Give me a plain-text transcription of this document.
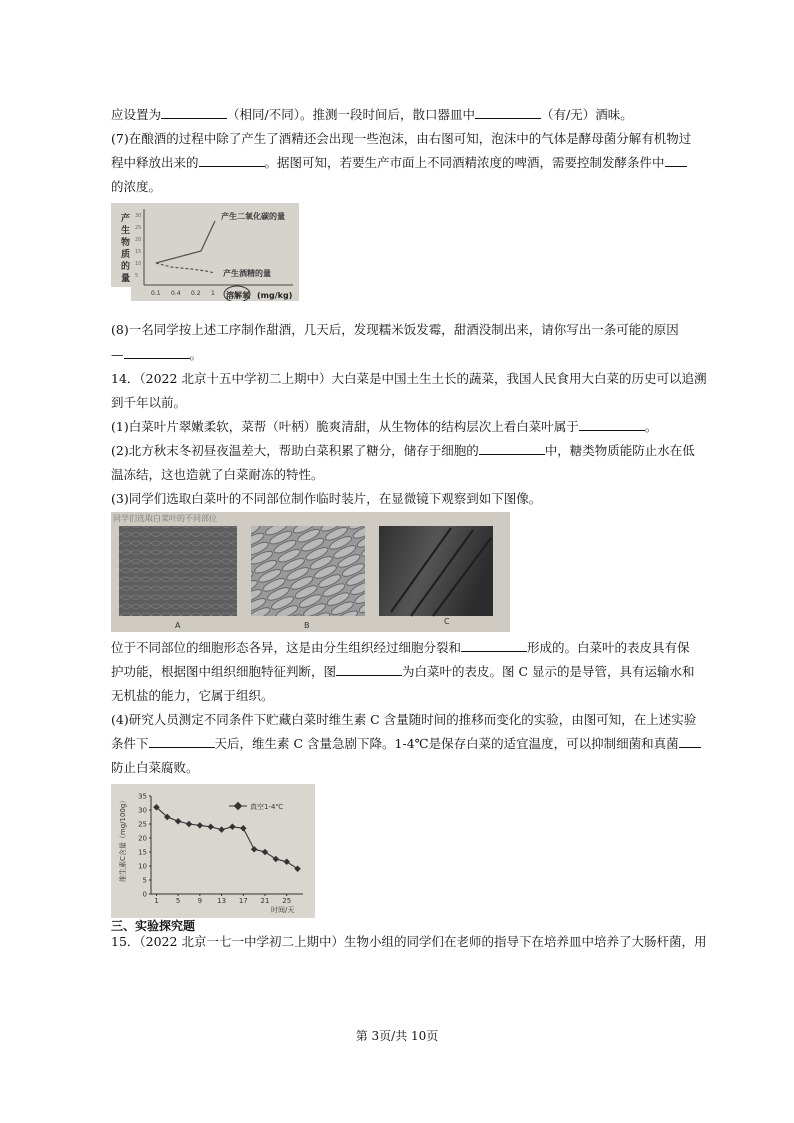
应设置为	（相同/不同）。推测一段时间后，散口器皿中	（有/无）酒味。
(7)在酿酒的过程中除了产生了酒精还会出现一些泡沫，由右图可知，泡沫中的气体是酵母菌分解有机物过
程中释放出来的	。据图可知，若要生产市面上不同酒精浓度的啤酒，需要控制发酵条件中
的浓度。
产
生
物
质
的
量
30
25
20
15
10
5
产生二氧化碳的量
产生酒精的量
0.1 0.4 0.2 1 溶解氧 (mg/kg)
(8)一名同学按上述工序制作甜酒，几天后，发现糯米饭发霉，甜酒没制出来，请你写出一条可能的原因
—	。
14．（2022 北京十五中学初二上期中）大白菜是中国土生土长的蔬菜，我国人民食用大白菜的历史可以追溯
到千年以前。
(1)白菜叶片翠嫩柔软，菜帮（叶柄）脆爽清甜，从生物体的结构层次上看白菜叶属于	。
(2)北方秋末冬初昼夜温差大，帮助白菜积累了糖分，储存于细胞的	中，糖类物质能防止水在低
温冻结，这也造就了白菜耐冻的特性。
(3)同学们选取白菜叶的不同部位制作临时装片，在显微镜下观察到如下图像。
同学们选取白菜叶的不同部位
A	B	C
位于不同部位的细胞形态各异，这是由分生组织经过细胞分裂和	形成的。白菜叶的表皮具有保
护功能，根据图中组织细胞特征判断，图	为白菜叶的表皮。图 C 显示的是导管，具有运输水和
无机盐的能力，它属于组织。
(4)研究人员测定不同条件下贮藏白菜时维生素 C 含量随时间的推移而变化的实验，由图可知，在上述实验
条件下	天后，维生素 C 含量急剧下降。1-4℃是保存白菜的适宜温度，可以抑制细菌和真菌
防止白菜腐败。
维生素C含量（mg/100g）
35
30
25
20
15
10
5
0
1 5 9 13 17 21 25
真空1-4℃
时间/天
三、实验探究题
15．（2022 北京一七一中学初二上期中）生物小组的同学们在老师的指导下在培养皿中培养了大肠杆菌，用
第 3页/共 10页
